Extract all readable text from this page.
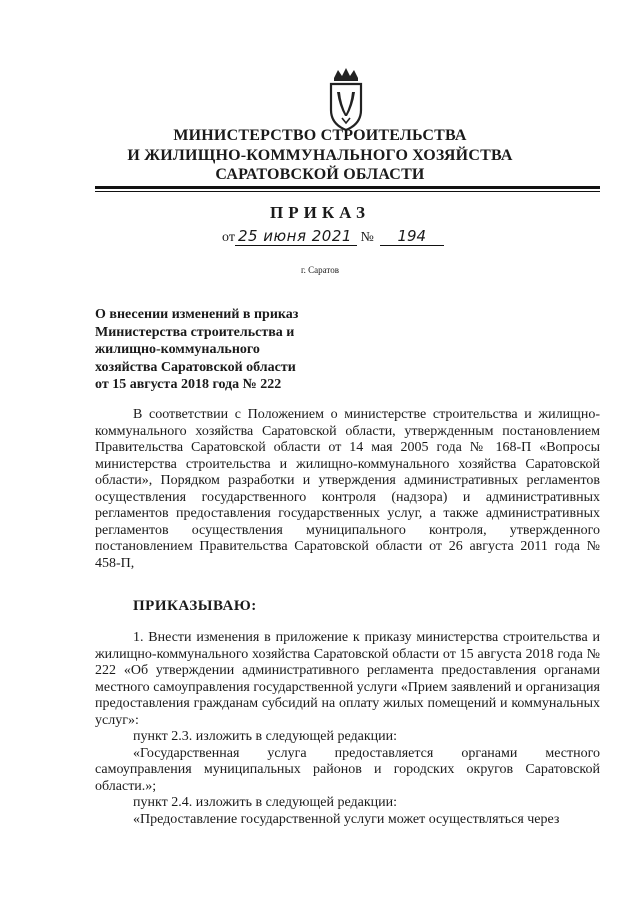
МИНИСТЕРСТВО СТРОИТЕЛЬСТВА
И ЖИЛИЩНО-КОММУНАЛЬНОГО ХОЗЯЙСТВА
САРАТОВСКОЙ ОБЛАСТИ
ПРИКАЗ
от 25 июня 2021 № 194
г. Саратов
О внесении изменений в приказ
Министерства строительства и
жилищно-коммунального
хозяйства Саратовской области
от 15 августа 2018 года № 222

В соответствии с Положением о министерстве строительства и жилищно-коммунального хозяйства Саратовской области, утвержденным постановлением Правительства Саратовской области от 14 мая 2005 года № 168-П «Вопросы министерства строительства и жилищно-коммунального хозяйства Саратовской области», Порядком разработки и утверждения административных регламентов осуществления государственного контроля (надзора) и административных регламентов предоставления государственных услуг, а также административных регламентов осуществления муниципального контроля, утвержденного постановлением Правительства Саратовской области от 26 августа 2011 года № 458-П,

ПРИКАЗЫВАЮ:

1. Внести изменения в приложение к приказу министерства строительства и жилищно-коммунального хозяйства Саратовской области от 15 августа 2018 года № 222 «Об утверждении административного регламента предоставления органами местного самоуправления государственной услуги «Прием заявлений и организация предоставления гражданам субсидий на оплату жилых помещений и коммунальных услуг»:

пункт 2.3. изложить в следующей редакции:

«Государственная услуга предоставляется органами местного самоуправления муниципальных районов и городских округов Саратовской области.»;

пункт 2.4. изложить в следующей редакции:

«Предоставление государственной услуги может осуществляться через
